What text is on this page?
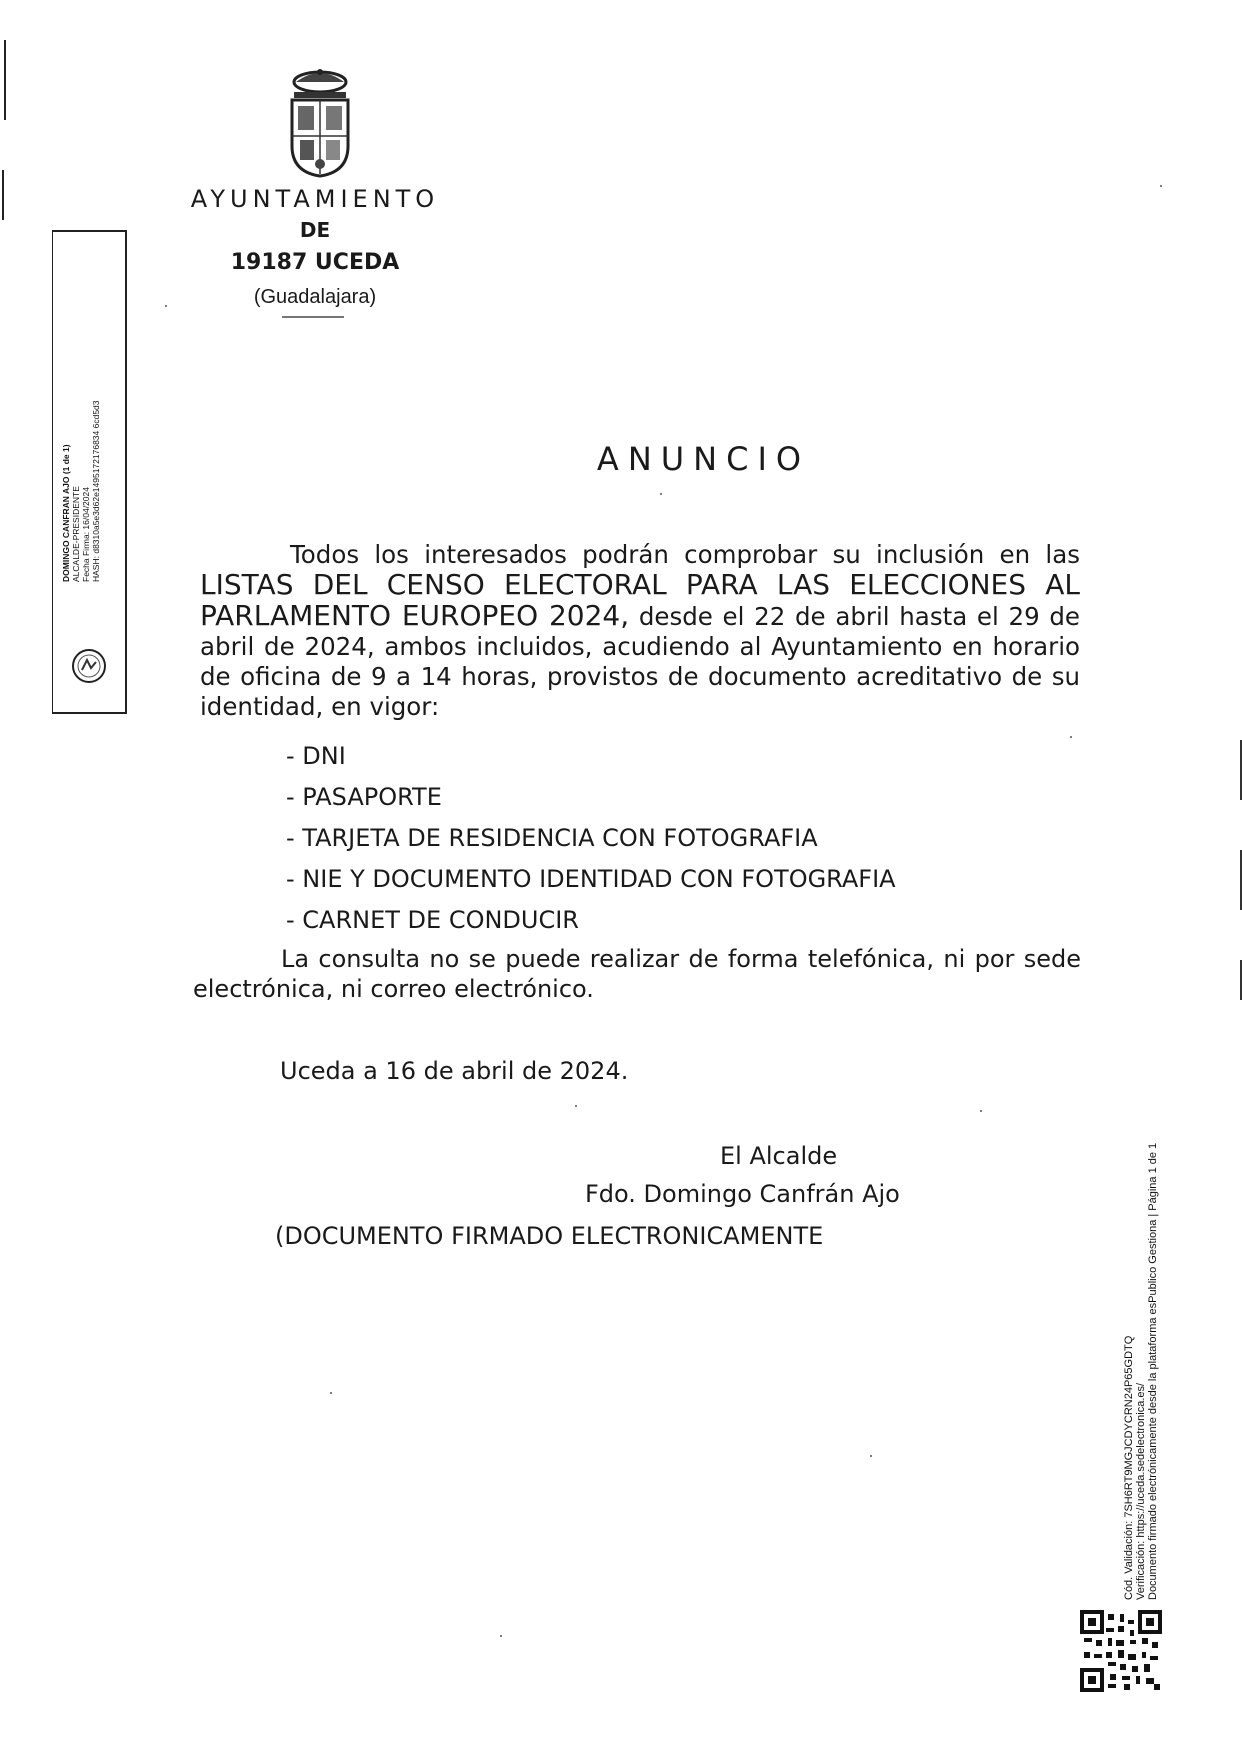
AYUNTAMIENTO
DE
19187 UCEDA
(Guadalajara)
DOMINGO CANFRAN AJO (1 de 1) ALCALDE-PRESIDENTE Fecha Firma: 16/04/2024 HASH: d8310a5e3d62e1495172176834 6cd5d3	ANUNCIO
Todos los interesados podrán comprobar su inclusión en las LISTAS DEL CENSO ELECTORAL PARA LAS ELECCIONES AL PARLAMENTO EUROPEO 2024, desde el 22 de abril hasta el 29 de abril de 2024, ambos incluidos, acudiendo al Ayuntamiento en horario de oficina de 9 a 14 horas, provistos de documento acreditativo de su identidad, en vigor:
- DNI
- PASAPORTE
- TARJETA DE RESIDENCIA CON FOTOGRAFIA
- NIE Y DOCUMENTO IDENTIDAD CON FOTOGRAFIA
- CARNET DE CONDUCIR
La consulta no se puede realizar de forma telefónica, ni por sede electrónica, ni correo electrónico.
Uceda a 16 de abril de 2024.
El Alcalde
Fdo. Domingo Canfrán Ajo
(DOCUMENTO FIRMADO ELECTRONICAMENTE
Cód. Validación: 7SH6RT9MGJCDYCRN24P65GDTQ Verificación: https://uceda.sedelectronica.es/ Documento firmado electrónicamente desde la plataforma esPublico Gestiona | Página 1 de 1
